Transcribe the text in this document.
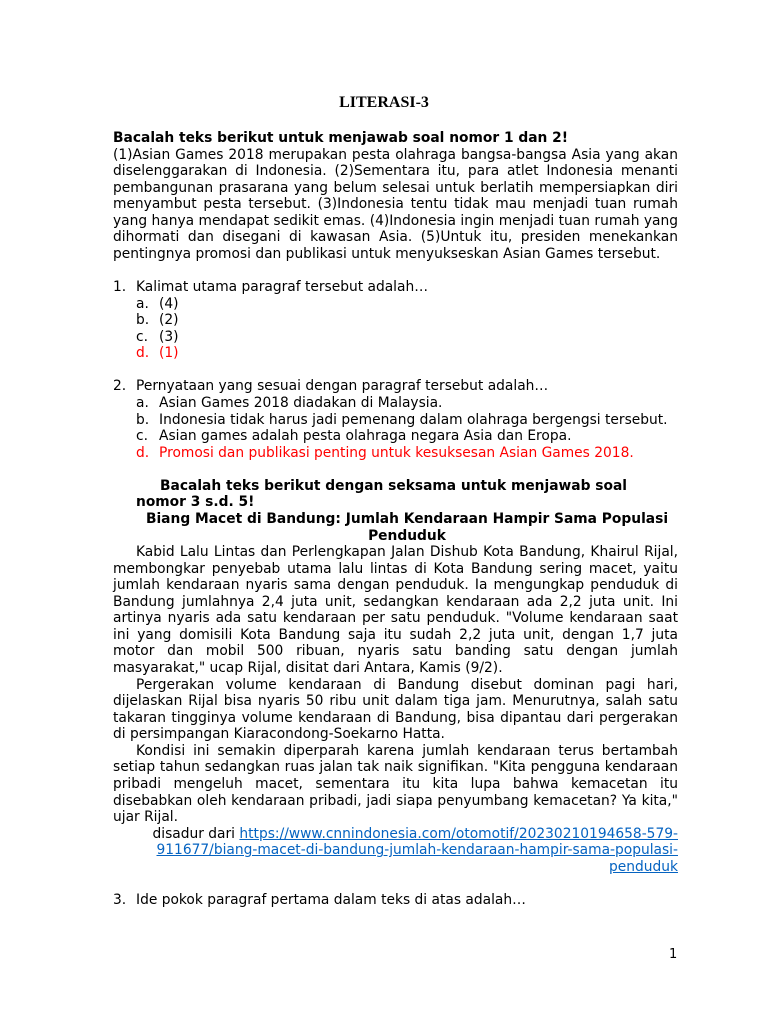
LITERASI-3
Bacalah teks berikut untuk menjawab soal nomor 1 dan 2!
(1)Asian Games 2018 merupakan pesta olahraga bangsa-bangsa Asia yang akan diselenggarakan di Indonesia. (2)Sementara itu, para atlet Indonesia menanti pembangunan prasarana yang belum selesai untuk berlatih mempersiapkan diri menyambut pesta tersebut. (3)Indonesia tentu tidak mau menjadi tuan rumah yang hanya mendapat sedikit emas. (4)Indonesia ingin menjadi tuan rumah yang dihormati dan disegani di kawasan Asia. (5)Untuk itu, presiden menekankan pentingnya promosi dan publikasi untuk menyukseskan Asian Games tersebut.
1. Kalimat utama paragraf tersebut adalah…
a. (4)
b. (2)
c. (3)
d. (1)
2. Pernyataan yang sesuai dengan paragraf tersebut adalah…
a. Asian Games 2018 diadakan di Malaysia.
b. Indonesia tidak harus jadi pemenang dalam olahraga bergengsi tersebut.
c. Asian games adalah pesta olahraga negara Asia dan Eropa.
d. Promosi dan publikasi penting untuk kesuksesan Asian Games 2018.
Bacalah teks berikut dengan seksama untuk menjawab soal nomor 3 s.d. 5!
Biang Macet di Bandung: Jumlah Kendaraan Hampir Sama Populasi Penduduk
Kabid Lalu Lintas dan Perlengkapan Jalan Dishub Kota Bandung, Khairul Rijal, membongkar penyebab utama lalu lintas di Kota Bandung sering macet, yaitu jumlah kendaraan nyaris sama dengan penduduk. Ia mengungkap penduduk di Bandung jumlahnya 2,4 juta unit, sedangkan kendaraan ada 2,2 juta unit. Ini artinya nyaris ada satu kendaraan per satu penduduk. "Volume kendaraan saat ini yang domisili Kota Bandung saja itu sudah 2,2 juta unit, dengan 1,7 juta motor dan mobil 500 ribuan, nyaris satu banding satu dengan jumlah masyarakat," ucap Rijal, disitat dari Antara, Kamis (9/2).
Pergerakan volume kendaraan di Bandung disebut dominan pagi hari, dijelaskan Rijal bisa nyaris 50 ribu unit dalam tiga jam. Menurutnya, salah satu takaran tingginya volume kendaraan di Bandung, bisa dipantau dari pergerakan di persimpangan Kiaracondong-Soekarno Hatta.
Kondisi ini semakin diperparah karena jumlah kendaraan terus bertambah setiap tahun sedangkan ruas jalan tak naik signifikan. "Kita pengguna kendaraan pribadi mengeluh macet, sementara itu kita lupa bahwa kemacetan itu disebabkan oleh kendaraan pribadi, jadi siapa penyumbang kemacetan? Ya kita," ujar Rijal.
disadur dari https://www.cnnindonesia.com/otomotif/20230210194658-579-911677/biang-macet-di-bandung-jumlah-kendaraan-hampir-sama-populasi-penduduk
3. Ide pokok paragraf pertama dalam teks di atas adalah…
1
